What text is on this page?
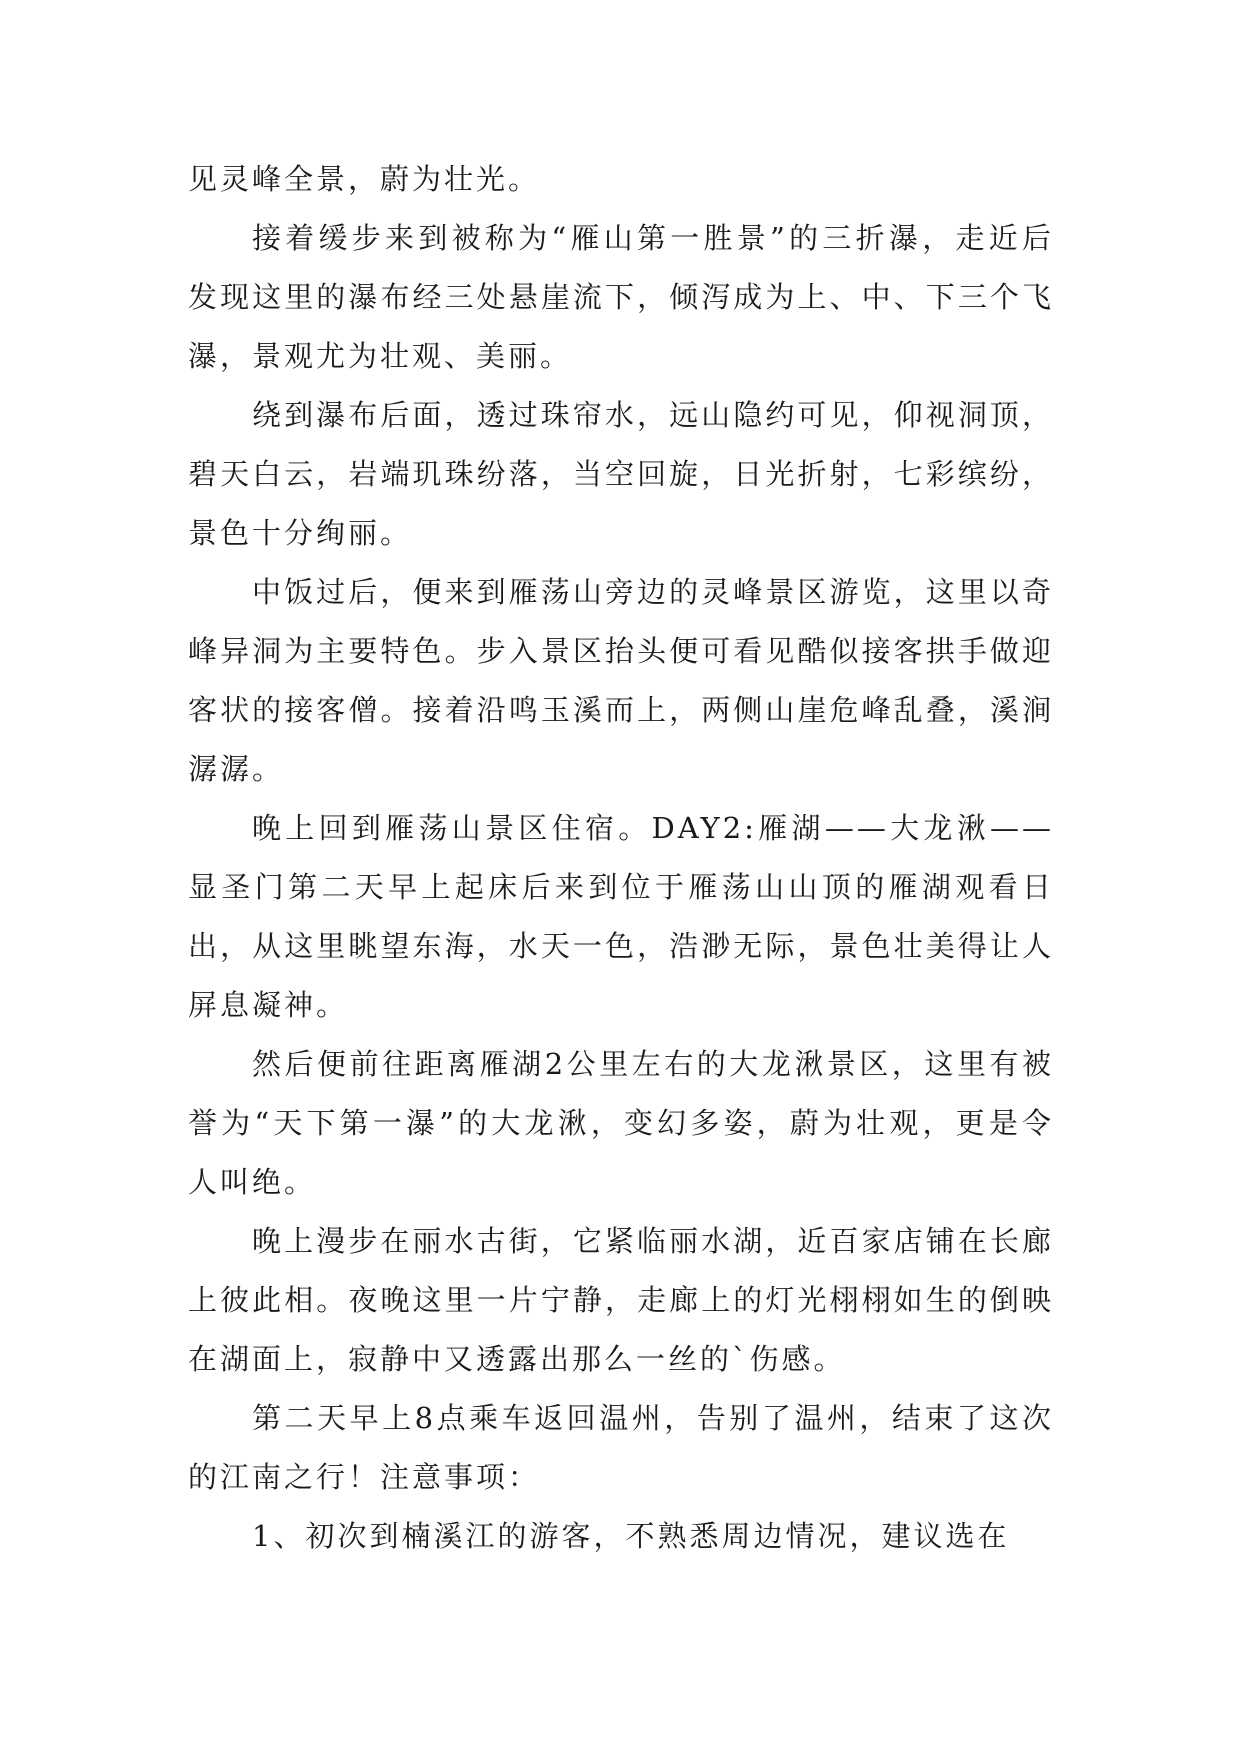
见灵峰全景，蔚为壮光。

接着缓步来到被称为“雁山第一胜景”的三折瀑，走近后发现这里的瀑布经三处悬崖流下，倾泻成为上、中、下三个飞瀑，景观尤为壮观、美丽。

绕到瀑布后面，透过珠帘水，远山隐约可见，仰视洞顶，碧天白云，岩端玑珠纷落，当空回旋，日光折射，七彩缤纷，景色十分绚丽。

中饭过后，便来到雁荡山旁边的灵峰景区游览，这里以奇峰异洞为主要特色。步入景区抬头便可看见酷似接客拱手做迎客状的接客僧。接着沿鸣玉溪而上，两侧山崖危峰乱叠，溪涧潺潺。

晚上回到雁荡山景区住宿。DAY2:雁湖——大龙湫——显圣门第二天早上起床后来到位于雁荡山山顶的雁湖观看日出，从这里眺望东海，水天一色，浩渺无际，景色壮美得让人屏息凝神。

然后便前往距离雁湖2公里左右的大龙湫景区，这里有被誉为“天下第一瀑”的大龙湫，变幻多姿，蔚为壮观，更是令人叫绝。

晚上漫步在丽水古街，它紧临丽水湖，近百家店铺在长廊上彼此相。夜晚这里一片宁静，走廊上的灯光栩栩如生的倒映在湖面上，寂静中又透露出那么一丝的`伤感。

第二天早上8点乘车返回温州，告别了温州，结束了这次的江南之行！注意事项：

1、初次到楠溪江的游客，不熟悉周边情况，建议选在
